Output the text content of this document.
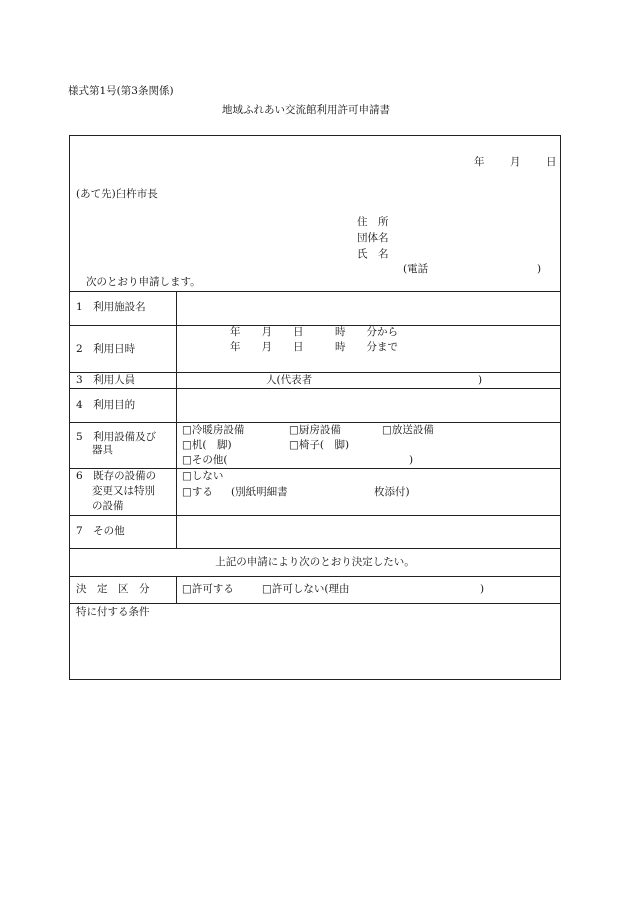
様式第1号(第3条関係)
地域ふれあい交流館利用許可申請書
年 月 日
(あて先)臼杵市長
住　所
団体名
氏　名
(電話	)
次のとおり申請します。
1　利用施設名
2　利用日時
年　　月　　日　　　時　　分から
年　　月　　日　　　時　　分まで
3　利用人員	人(代表者	)
4　利用目的
5　利用設備及び
器具
□冷暖房設備	□厨房設備	□放送設備
□机(　脚)	□椅子(　脚)
□その他(	)
6　既存の設備の
変更又は特別
の設備
□しない
□する (別紙明細書	枚添付)
7　その他
上記の申請により次のとおり決定したい。
決　定　区　分	□許可する	□許可しない(理由	)
特に付する条件
